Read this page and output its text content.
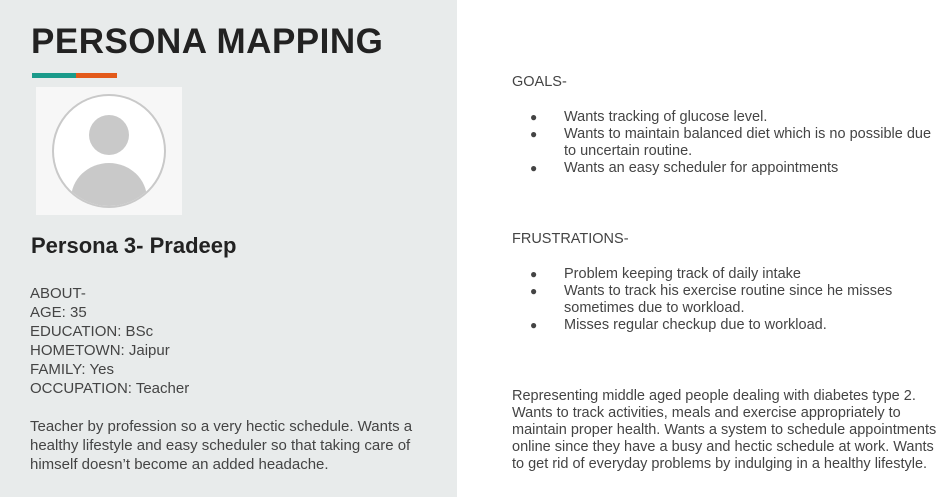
PERSONA MAPPING
Persona 3- Pradeep
ABOUT-
AGE: 35
EDUCATION: BSc
HOMETOWN: Jaipur
FAMILY: Yes
OCCUPATION: Teacher
Teacher by profession so a very hectic schedule. Wants a healthy lifestyle and easy scheduler so that taking care of himself doesn’t become an added headache.
GOALS-
● Wants tracking of glucose level.
● Wants to maintain balanced diet which is no possible due to uncertain routine.
● Wants an easy scheduler for appointments
FRUSTRATIONS-
● Problem keeping track of daily intake
● Wants to track his exercise routine since he misses sometimes due to workload.
● Misses regular checkup due to workload.
Representing middle aged people dealing with diabetes type 2. Wants to track activities, meals and exercise appropriately to maintain proper health. Wants a system to schedule appointments online since they have a busy and hectic schedule at work. Wants to get rid of everyday problems by indulging in a healthy lifestyle.
